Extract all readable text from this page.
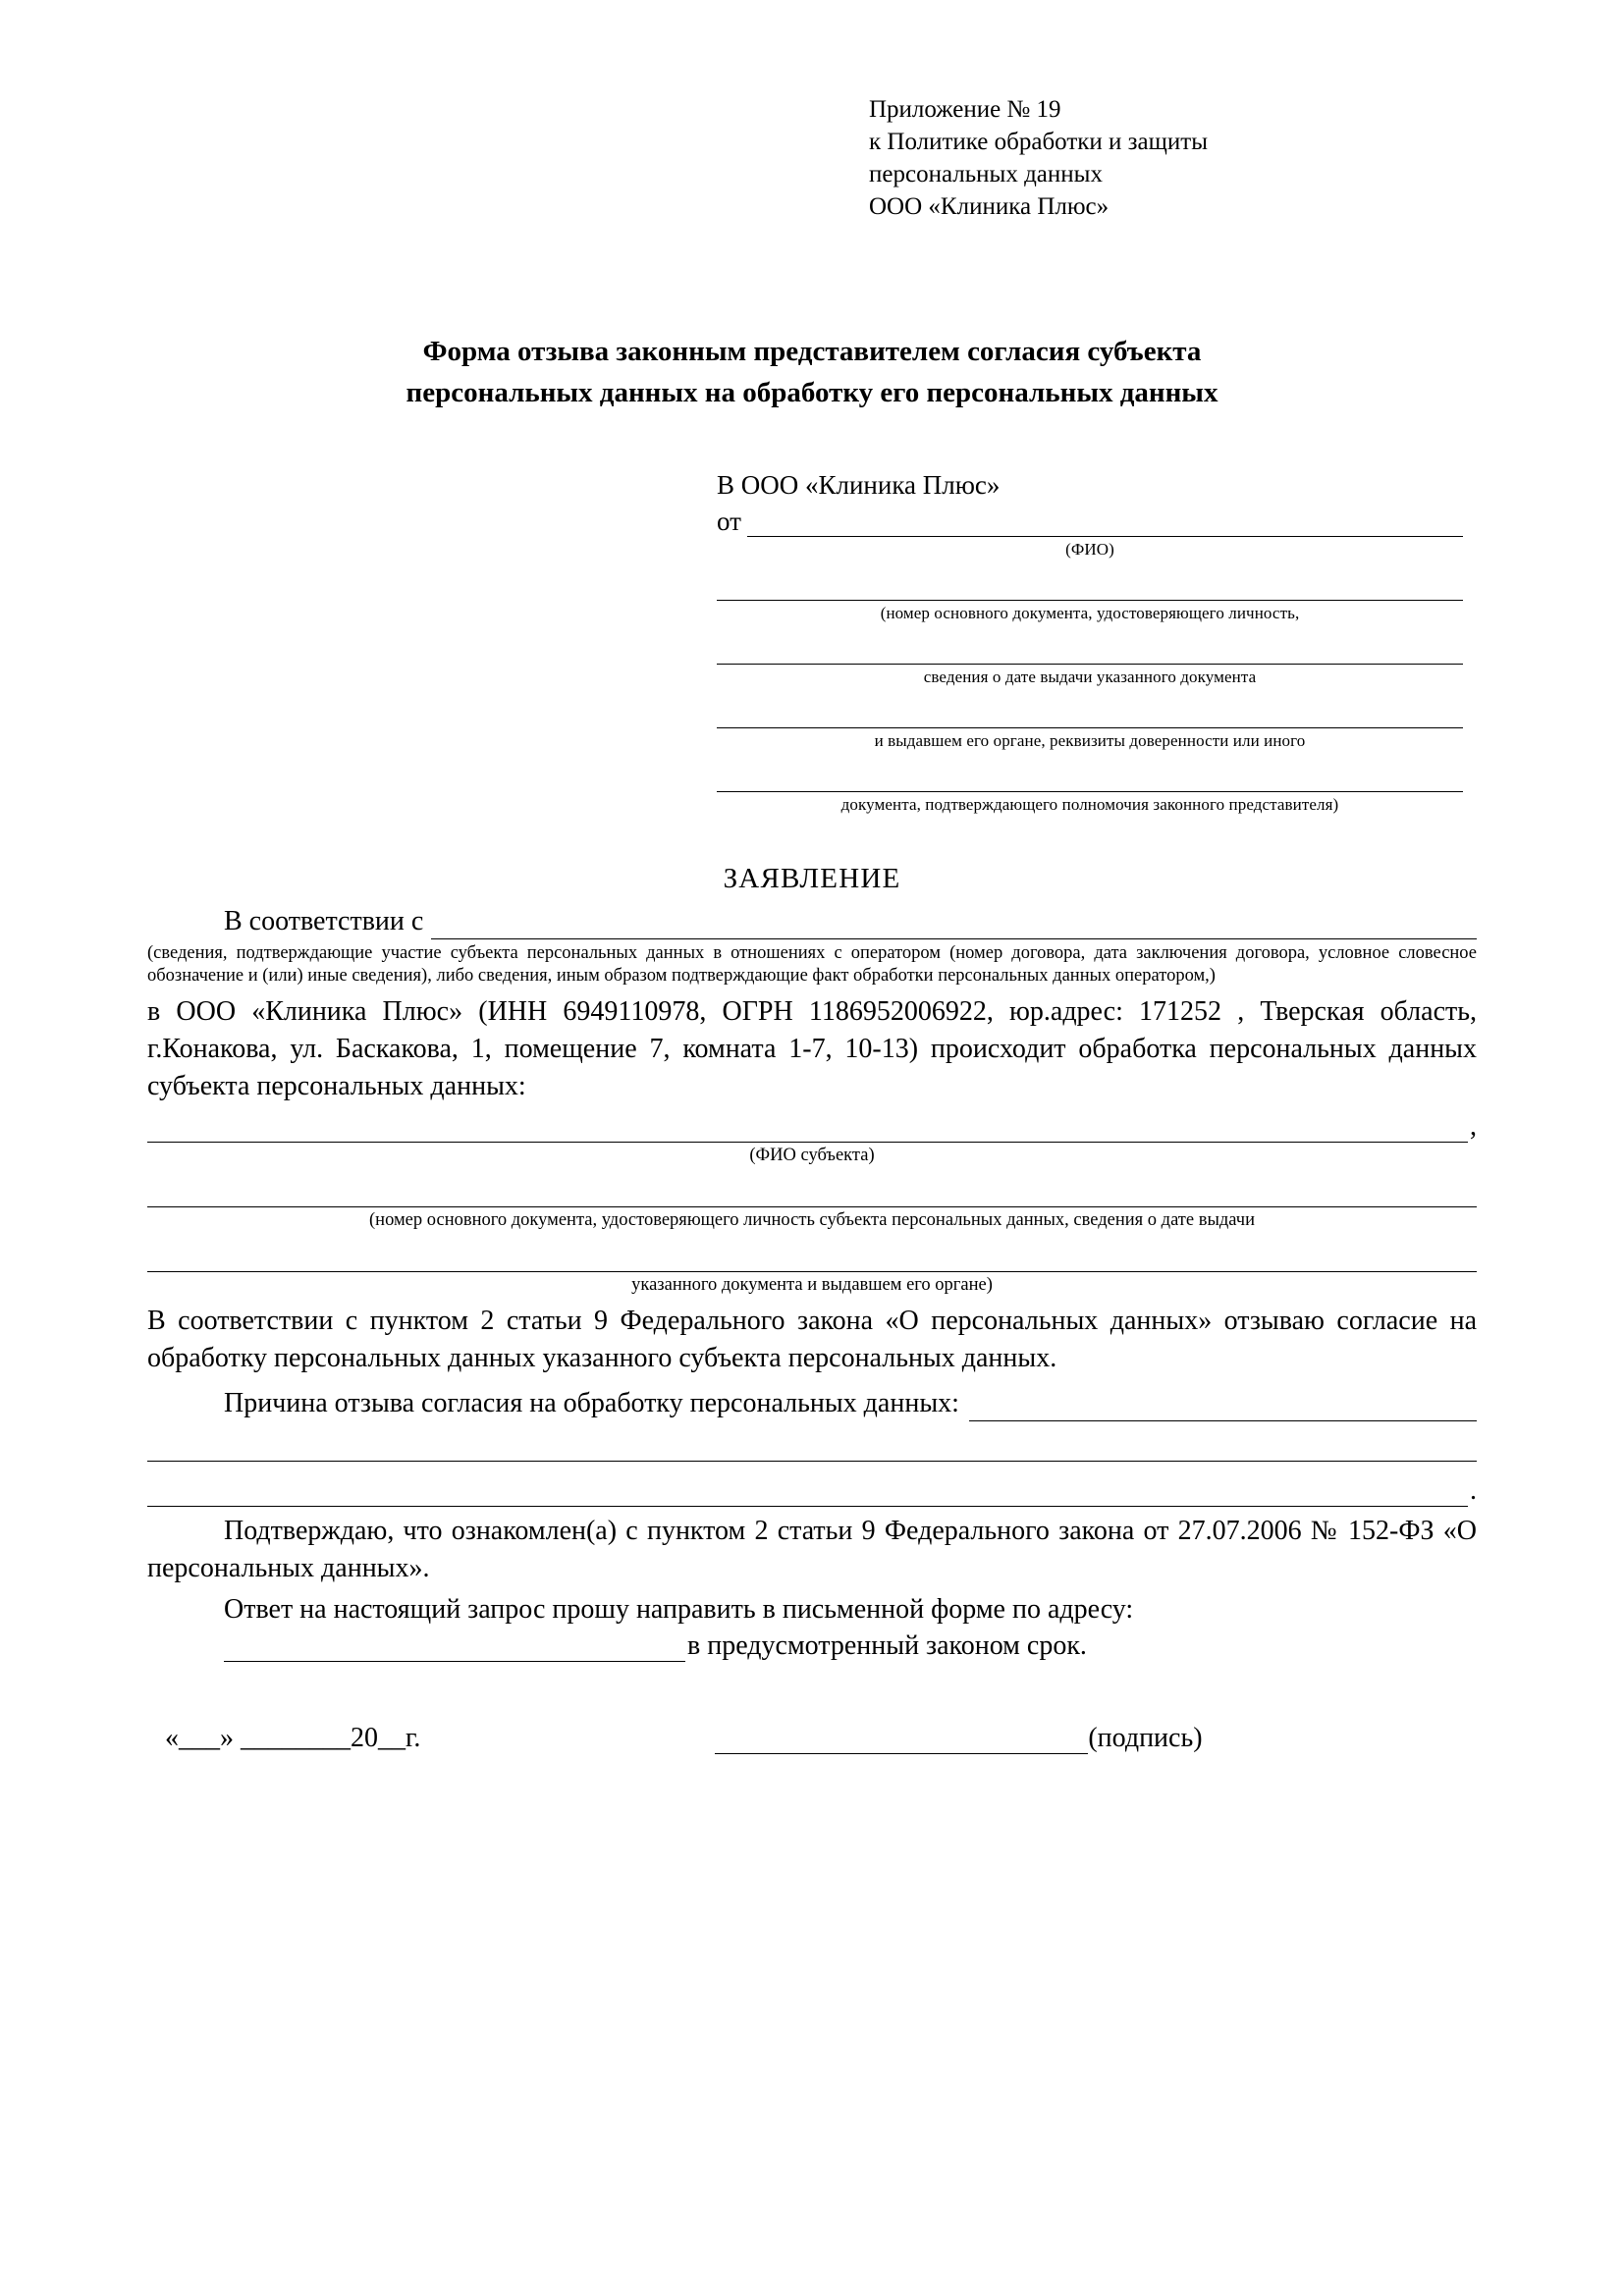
Приложение № 19
к Политике обработки и защиты
персональных данных
ООО «Клиника Плюс»
Форма отзыва законным представителем согласия субъекта
персональных данных на обработку его персональных данных
В ООО «Клиника Плюс»
от
(ФИО)
(номер основного документа, удостоверяющего личность,
сведения о дате выдачи указанного документа
и выдавшем его органе, реквизиты доверенности или иного
документа, подтверждающего полномочия законного представителя)
ЗАЯВЛЕНИЕ
В соответствии с
(сведения, подтверждающие участие субъекта персональных данных в отношениях с оператором (номер договора, дата заключения договора, условное словесное обозначение и (или) иные сведения), либо сведения, иным образом подтверждающие факт обработки персональных данных оператором,)
в ООО «Клиника Плюс» (ИНН 6949110978, ОГРН 1186952006922, юр.адрес: 171252 , Тверская область, г.Конакова, ул. Баскакова, 1, помещение 7, комната 1-7, 10-13) происходит обработка персональных данных субъекта персональных данных:
,
(ФИО субъекта)
(номер основного документа, удостоверяющего личность субъекта персональных данных, сведения о дате выдачи
указанного документа и выдавшем его органе)
В соответствии с пунктом 2 статьи 9 Федерального закона «О персональных данных» отзываю согласие на обработку персональных данных указанного субъекта персональных данных.
Причина отзыва согласия на обработку персональных данных:
.
Подтверждаю, что ознакомлен(а) с пунктом 2 статьи 9 Федерального закона от 27.07.2006 № 152-ФЗ «О персональных данных».
Ответ на настоящий запрос прошу направить в письменной форме по адресу:
в предусмотренный законом срок.
«___» ________20__г.	(подпись)
